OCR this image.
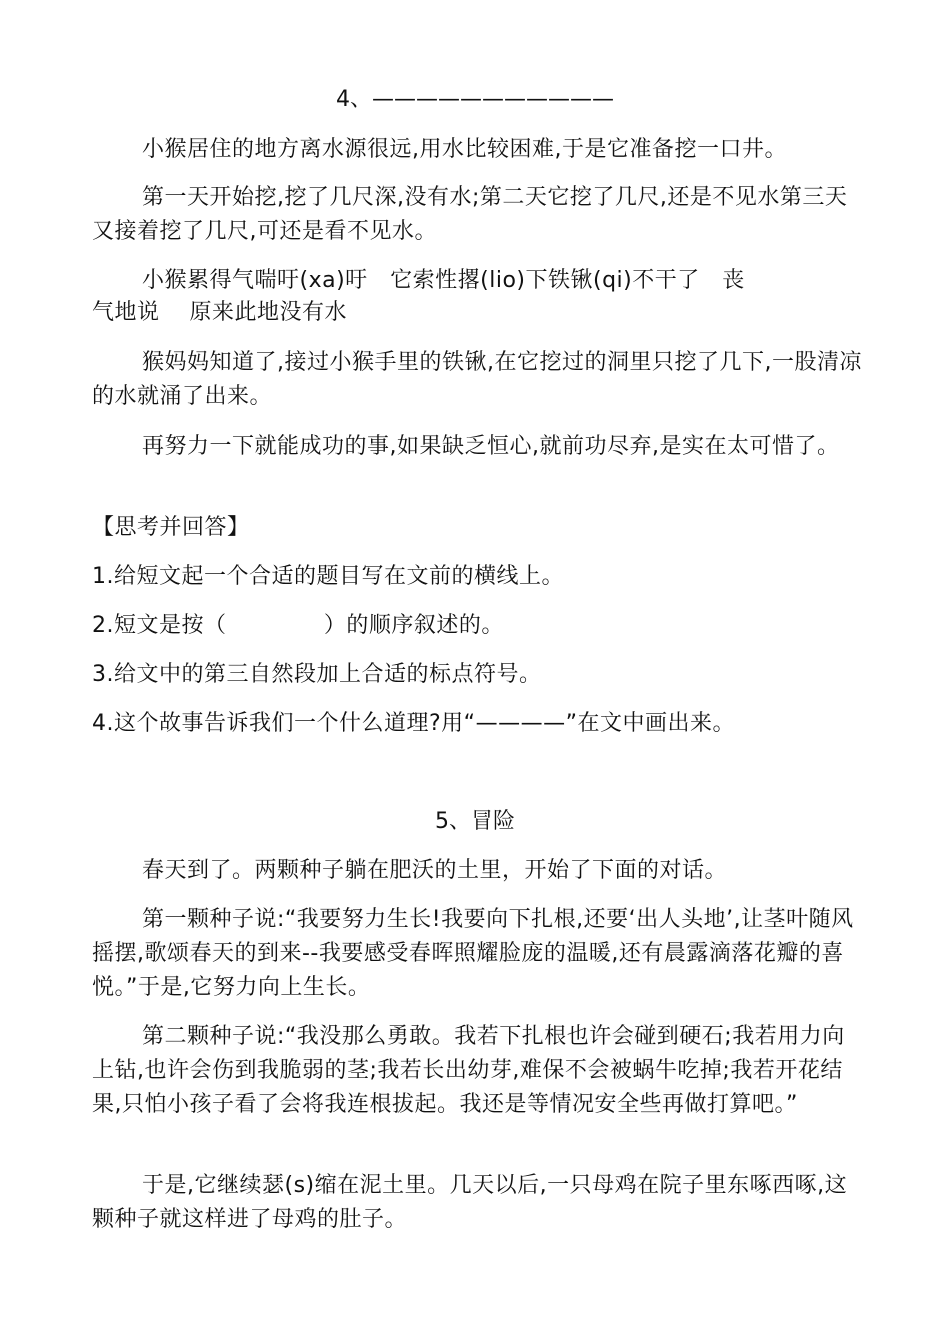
4、———————————
小猴居住的地方离水源很远,用水比较困难,于是它准备挖一口井。
第一天开始挖,挖了几尺深,没有水;第二天它挖了几尺,还是不见水第三天又接着挖了几尺,可还是看不见水。
小猴累得气喘吁(xa)吁   它索性撂(lio)下铁锹(qi)不干了   丧
气地说    原来此地没有水
猴妈妈知道了,接过小猴手里的铁锹,在它挖过的洞里只挖了几下,一股清凉的水就涌了出来。
再努力一下就能成功的事,如果缺乏恒心,就前功尽弃,是实在太可惜了。
【思考并回答】
1.给短文起一个合适的题目写在文前的横线上。
2.短文是按（             ）的顺序叙述的。
3.给文中的第三自然段加上合适的标点符号。
4.这个故事告诉我们一个什么道理?用“————”在文中画出来。
5、冒险
春天到了。两颗种子躺在肥沃的土里，开始了下面的对话。
第一颗种子说:“我要努力生长!我要向下扎根,还要‘出人头地’,让茎叶随风摇摆,歌颂春天的到来--我要感受春晖照耀脸庞的温暖,还有晨露滴落花瓣的喜悦。”于是,它努力向上生长。
第二颗种子说:“我没那么勇敢。我若下扎根也许会碰到硬石;我若用力向上钻,也许会伤到我脆弱的茎;我若长出幼芽,难保不会被蜗牛吃掉;我若开花结果,只怕小孩子看了会将我连根拔起。我还是等情况安全些再做打算吧。”
于是,它继续瑟(s)缩在泥土里。几天以后,一只母鸡在院子里东啄西啄,这颗种子就这样进了母鸡的肚子。
